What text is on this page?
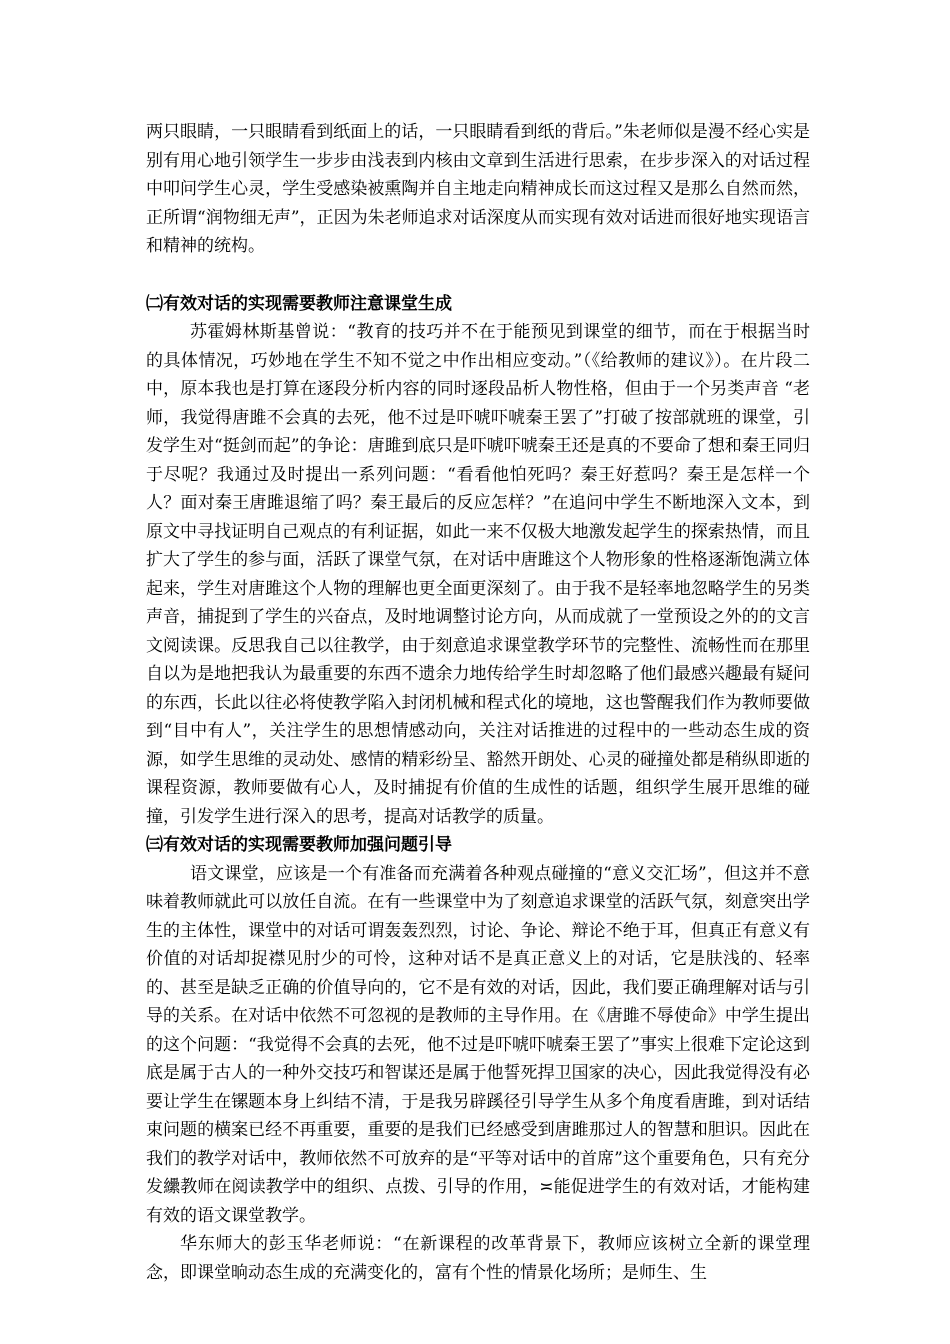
两只眼睛，一只眼睛看到纸面上的话，一只眼睛看到纸的背后。”朱老师似是漫不经心实是别有用心地引领学生一步步由浅表到内核由文章到生活进行思索，在步步深入的对话过程中叩问学生心灵，学生受感染被熏陶并自主地走向精神成长而这过程又是那么自然而然，正所谓“润物细无声”，正因为朱老师追求对话深度从而实现有效对话进而很好地实现语言和精神的统构。

㈡有效对话的实现需要教师注意课堂生成

苏霍姆林斯基曾说：“教育的技巧并不在于能预见到课堂的细节，而在于根据当时的具体情况，巧妙地在学生不知不觉之中作出相应变动。”（《给教师的建议》）。在片段二中，原本我也是打算在逐段分析内容的同时逐段品析人物性格，但由于一个另类声音 “老师，我觉得唐雎不会真的去死，他不过是吓唬吓唬秦王罢了”打破了按部就班的课堂，引发学生对“挺剑而起”的争论：唐雎到底只是吓唬吓唬秦王还是真的不要命了想和秦王同归于尽呢？我通过及时提出一系列问题：“看看他怕死吗？秦王好惹吗？秦王是怎样一个人？面对秦王唐雎退缩了吗？秦王最后的反应怎样？”在追问中学生不断地深入文本，到原文中寻找证明自己观点的有利证据，如此一来不仅极大地激发起学生的探索热情，而且扩大了学生的参与面，活跃了课堂气氛，在对话中唐雎这个人物形象的性格逐渐饱满立体起来，学生对唐雎这个人物的理解也更全面更深刻了。由于我不是轻率地忽略学生的另类声音，捕捉到了学生的兴奋点，及时地调整讨论方向，从而成就了一堂预设之外的的文言文阅读课。反思我自己以往教学，由于刻意追求课堂教学环节的完整性、流畅性而在那里自以为是地把我认为最重要的东西不遗余力地传给学生时却忽略了他们最感兴趣最有疑问的东西，长此以往必将使教学陷入封闭机械和程式化的境地，这也警醒我们作为教师要做到“目中有人”，关注学生的思想情感动向，关注对话推进的过程中的一些动态生成的资源，如学生思维的灵动处、感情的精彩纷呈、豁然开朗处、心灵的碰撞处都是稍纵即逝的课程资源，教师要做有心人，及时捕捉有价值的生成性的话题，组织学生展开思维的碰撞，引发学生进行深入的思考，提高对话教学的质量。

㈢有效对话的实现需要教师加强问题引导

语文课堂，应该是一个有准备而充满着各种观点碰撞的“意义交汇场”，但这并不意味着教师就此可以放任自流。在有一些课堂中为了刻意追求课堂的活跃气氛，刻意突出学生的主体性，课堂中的对话可谓轰轰烈烈，讨论、争论、辩论不绝于耳，但真正有意义有价值的对话却捉襟见肘少的可怜，这种对话不是真正意义上的对话，它是肤浅的、轻率的、甚至是缺乏正确的价值导向的，它不是有效的对话，因此，我们要正确理解对话与引导的关系。在对话中依然不可忽视的是教师的主导作用。在《唐雎不辱使命》中学生提出的这个问题：“我觉得不会真的去死，他不过是吓唬吓唬秦王罢了”事实上很难下定论这到底是属于古人的一种外交技巧和智谋还是属于他誓死捍卫国家的决心，因此我觉得没有必要让学生在镙题本身上纠结不清，于是我另辟蹊径引导学生从多个角度看唐雎，到对话结束问题的横案已经不再重要，重要的是我们已经感受到唐雎那过人的智慧和胆识。因此在我们的教学对话中，教师依然不可放弃的是“平等对话中的首席”这个重要角色，只有充分发纝教师在阅读教学中的组织、点拨、引导的作用，≍能促进学生的有效对话，才能构建有效的语文课堂教学。

华东师大的彭玉华老师说：“在新课程的改革背景下，教师应该树立全新的课堂理念，即课堂晌动态生成的充满变化的，富有个性的情景化场所；是师生、生
